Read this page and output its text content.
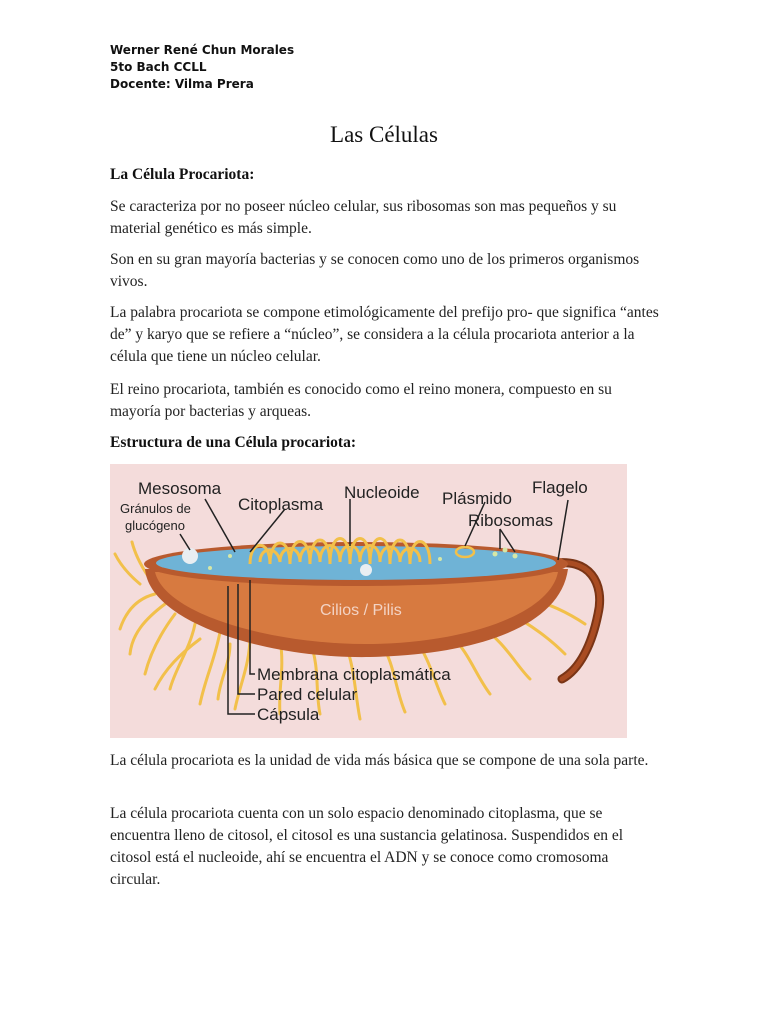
Werner René Chun Morales
5to Bach CCLL
Docente: Vilma Prera
Las Células
La Célula Procariota:
Se caracteriza por no poseer núcleo celular, sus ribosomas son mas pequeños y su material genético es más simple.
Son en su gran mayoría bacterias y se conocen como uno de los primeros organismos vivos.
La palabra procariota se compone etimológicamente del prefijo pro- que significa “antes de” y karyo que se refiere a “núcleo”, se considera a la célula procariota anterior a la célula que tiene un núcleo celular.
El reino procariota, también es conocido como el reino monera, compuesto en su mayoría por bacterias y arqueas.
Estructura de una Célula procariota:
Mesosoma
Gránulos de
glucógeno
Citoplasma
Nucleoide Plásmido
Flagelo
Ribosomas
Cilios / Pilis
Membrana citoplasmática
Pared celular
Cápsula
La célula procariota es la unidad de vida más básica que se compone de una sola parte.
La célula procariota cuenta con un solo espacio denominado citoplasma, que se encuentra lleno de citosol, el citosol es una sustancia gelatinosa. Suspendidos en el citosol está el nucleoide, ahí se encuentra el ADN y se conoce como cromosoma circular.
